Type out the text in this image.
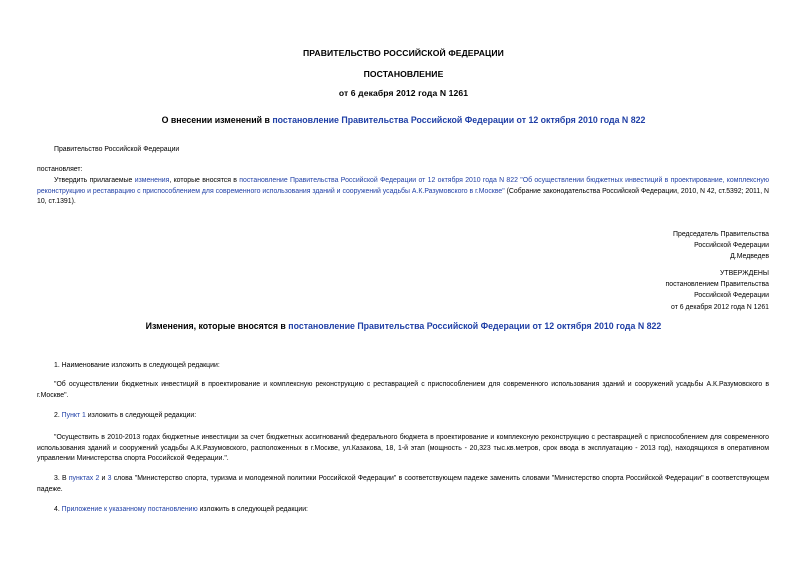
ПРАВИТЕЛЬСТВО РОССИЙСКОЙ ФЕДЕРАЦИИ
ПОСТАНОВЛЕНИЕ
от 6 декабря 2012 года N 1261
О внесении изменений в постановление Правительства Российской Федерации от 12 октября 2010 года N 822
Правительство Российской Федерации
постановляет:
Утвердить прилагаемые изменения, которые вносятся в постановление Правительства Российской Федерации от 12 октября 2010 года N 822 "Об осуществлении бюджетных инвестиций в проектирование, комплексную реконструкцию и реставрацию с приспособлением для современного использования зданий и сооружений усадьбы А.К.Разумовского в г.Москве" (Собрание законодательства Российской Федерации, 2010, N 42, ст.5392; 2011, N 10, ст.1391).
Председатель Правительства
Российской Федерации
Д.Медведев
УТВЕРЖДЕНЫ
постановлением Правительства
Российской Федерации
от 6 декабря 2012 года N 1261
Изменения, которые вносятся в постановление Правительства Российской Федерации от 12 октября 2010 года N 822
1. Наименование изложить в следующей редакции:
"Об осуществлении бюджетных инвестиций в проектирование и комплексную реконструкцию с реставрацией с приспособлением для современного использования зданий и сооружений усадьбы А.К.Разумовского в г.Москве".
2. Пункт 1 изложить в следующей редакции:
"Осуществить в 2010-2013 годах бюджетные инвестиции за счет бюджетных ассигнований федерального бюджета в проектирование и комплексную реконструкцию с реставрацией с приспособлением для современного использования зданий и сооружений усадьбы А.К.Разумовского, расположенных в г.Москве, ул.Казакова, 18, 1-й этап (мощность - 20,323 тыс.кв.метров, срок ввода в эксплуатацию - 2013 год), находящихся в оперативном управлении Министерства спорта Российской Федерации.".
3. В пунктах 2 и 3 слова "Министерство спорта, туризма и молодежной политики Российской Федерации" в соответствующем падеже заменить словами "Министерство спорта Российской Федерации" в соответствующем падеже.
4. Приложение к указанному постановлению изложить в следующей редакции:
